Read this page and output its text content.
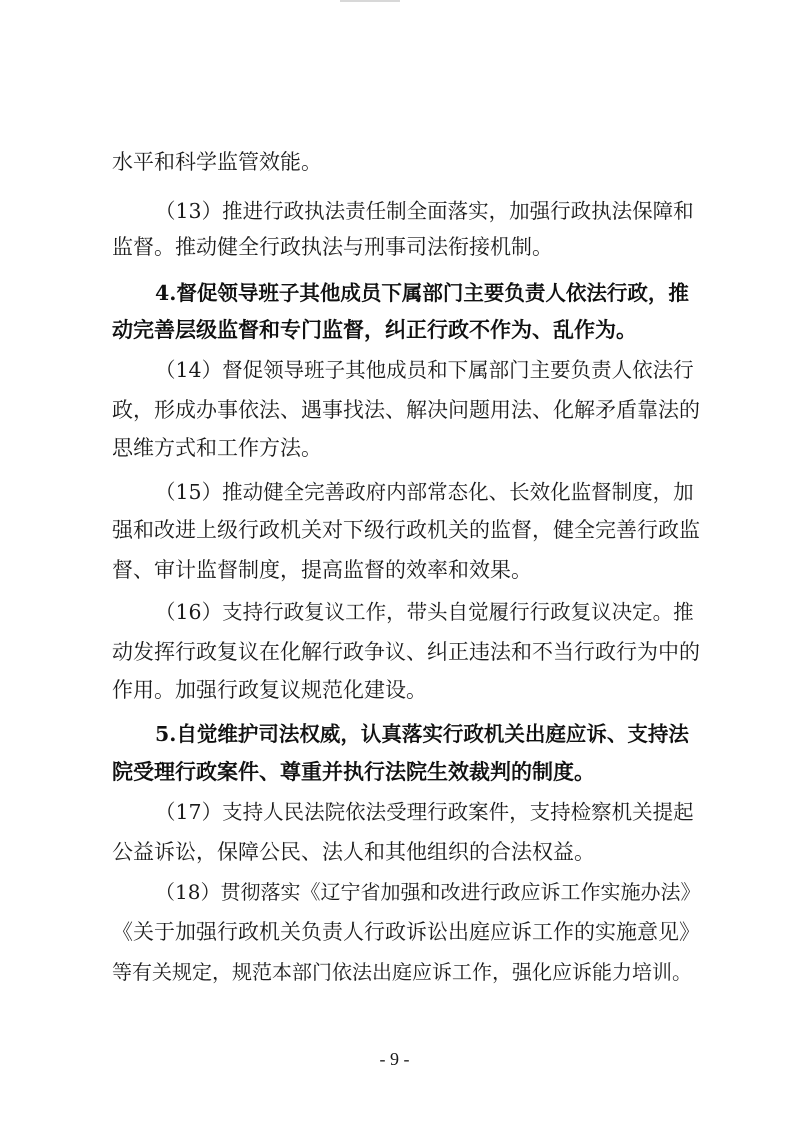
水平和科学监管效能。
（13）推进行政执法责任制全面落实，加强行政执法保障和
监督。推动健全行政执法与刑事司法衔接机制。
4.督促领导班子其他成员下属部门主要负责人依法行政，推
动完善层级监督和专门监督，纠正行政不作为、乱作为。
（14）督促领导班子其他成员和下属部门主要负责人依法行
政，形成办事依法、遇事找法、解决问题用法、化解矛盾靠法的
思维方式和工作方法。
（15）推动健全完善政府内部常态化、长效化监督制度，加
强和改进上级行政机关对下级行政机关的监督，健全完善行政监
督、审计监督制度，提高监督的效率和效果。
（16）支持行政复议工作，带头自觉履行行政复议决定。推
动发挥行政复议在化解行政争议、纠正违法和不当行政行为中的
作用。加强行政复议规范化建设。
5.自觉维护司法权威，认真落实行政机关出庭应诉、支持法
院受理行政案件、尊重并执行法院生效裁判的制度。
（17）支持人民法院依法受理行政案件，支持检察机关提起
公益诉讼，保障公民、法人和其他组织的合法权益。
（18）贯彻落实《辽宁省加强和改进行政应诉工作实施办法》
《关于加强行政机关负责人行政诉讼出庭应诉工作的实施意见》
等有关规定，规范本部门依法出庭应诉工作，强化应诉能力培训。
- 9 -
